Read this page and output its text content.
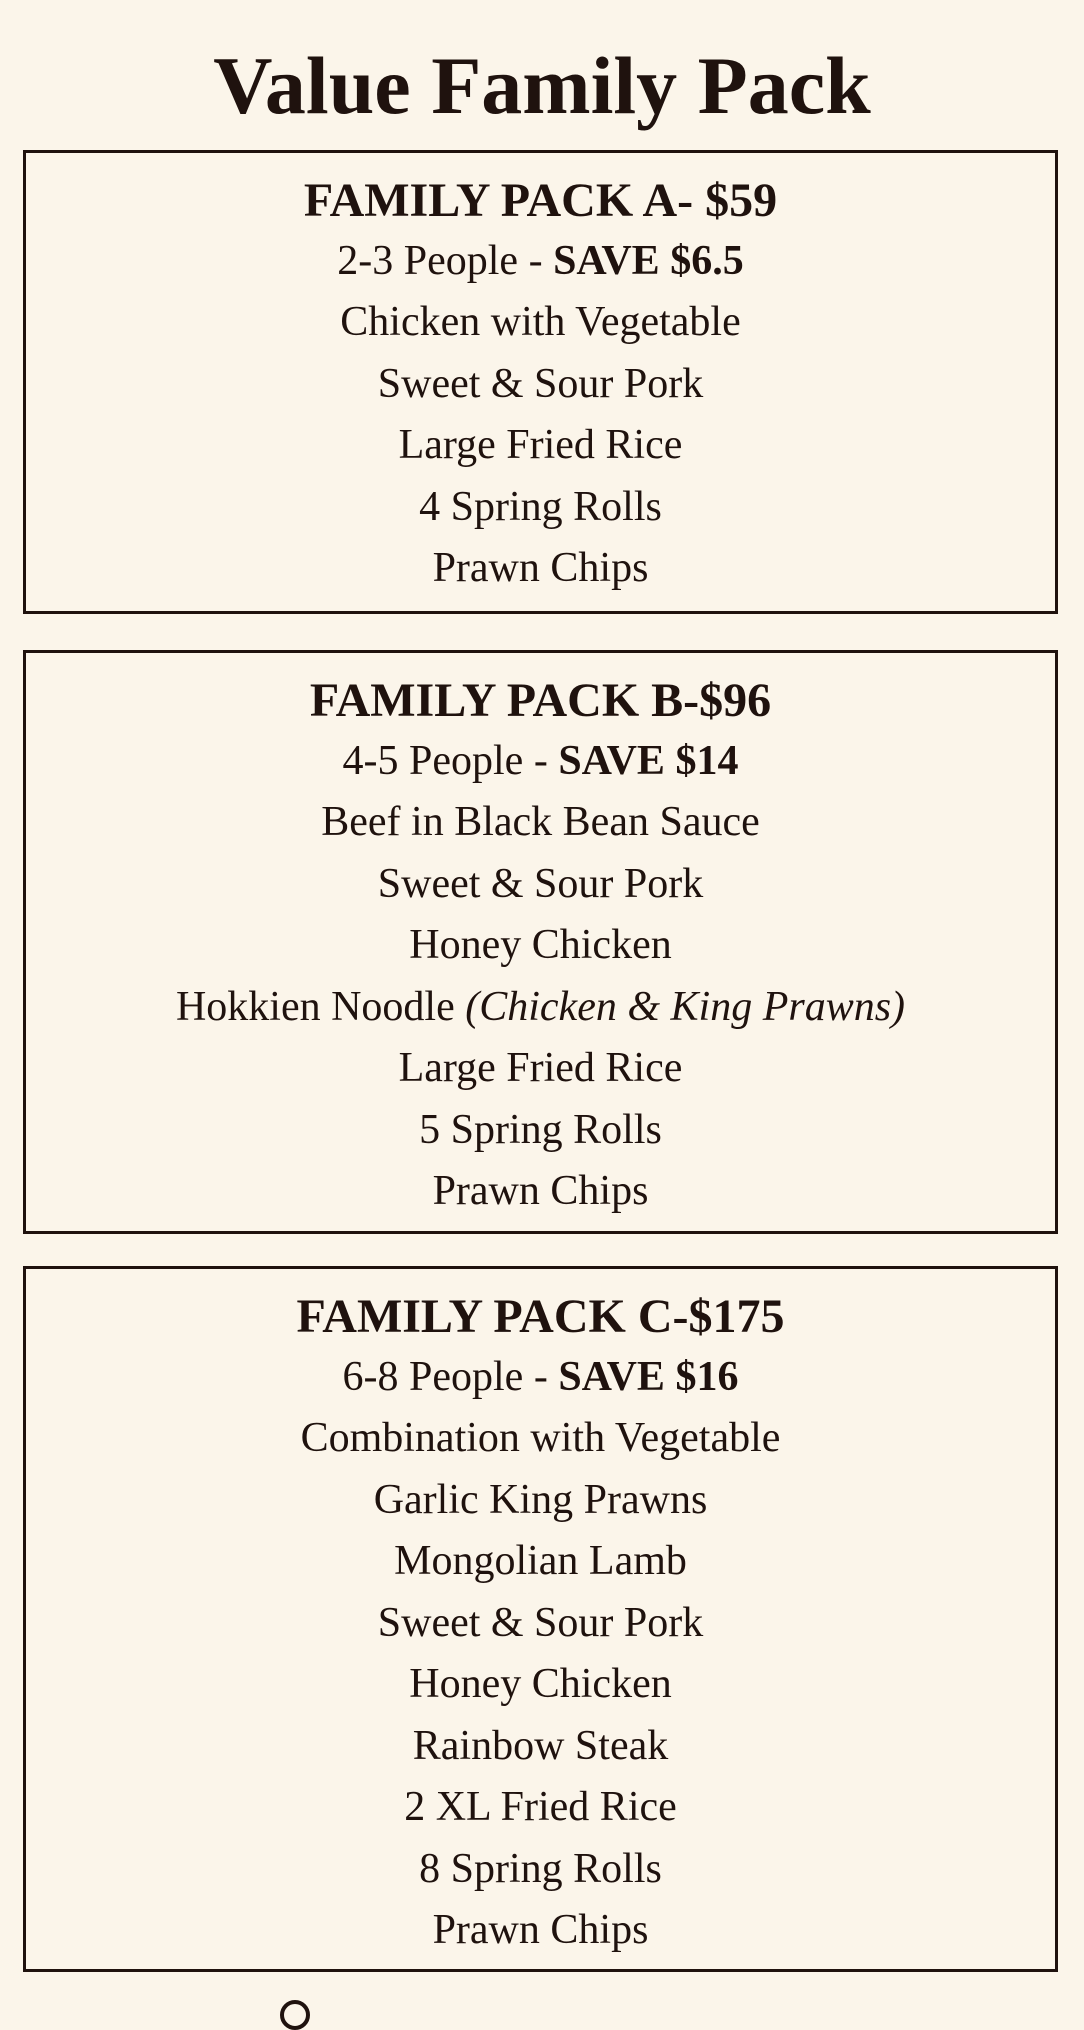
Value Family Pack
FAMILY PACK A- $59
2-3 People - SAVE $6.5
Chicken with Vegetable
Sweet & Sour Pork
Large Fried Rice
4 Spring Rolls
Prawn Chips
FAMILY PACK B-$96
4-5 People - SAVE $14
Beef in Black Bean Sauce
Sweet & Sour Pork
Honey Chicken
Hokkien Noodle (Chicken & King Prawns)
Large Fried Rice
5 Spring Rolls
Prawn Chips
FAMILY PACK C-$175
6-8 People - SAVE $16
Combination with Vegetable
Garlic King Prawns
Mongolian Lamb
Sweet & Sour Pork
Honey Chicken
Rainbow Steak
2 XL Fried Rice
8 Spring Rolls
Prawn Chips
